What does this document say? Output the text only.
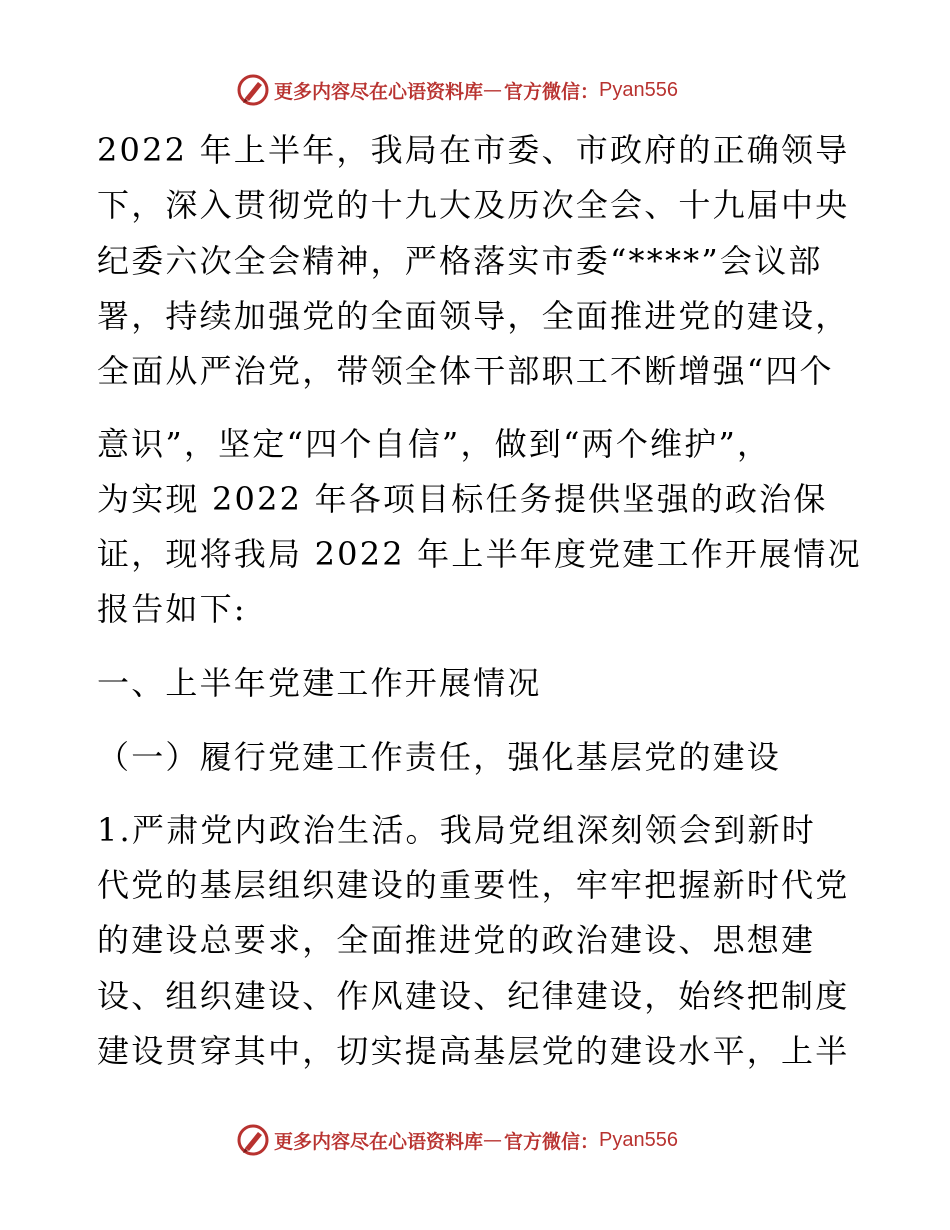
更多内容尽在心语资料库 — 官方微信： Pyan556
2022 年上半年，我局在市委、市政府的正确领导
下，深入贯彻党的十九大及历次全会、十九届中央
纪委六次全会精神，严格落实市委“****”会议部
署，持续加强党的全面领导，全面推进党的建设，
全面从严治党，带领全体干部职工不断增强“四个
意识”，坚定“四个自信”，做到“两个维护”，
为实现 2022 年各项目标任务提供坚强的政治保
证，现将我局 2022 年上半年度党建工作开展情况
报告如下:
一、上半年党建工作开展情况
（一）履行党建工作责任，强化基层党的建设
1.严肃党内政治生活。我局党组深刻领会到新时
代党的基层组织建设的重要性，牢牢把握新时代党
的建设总要求，全面推进党的政治建设、思想建
设、组织建设、作风建设、纪律建设，始终把制度
建设贯穿其中，切实提高基层党的建设水平，上半
更多内容尽在心语资料库 — 官方微信： Pyan556
